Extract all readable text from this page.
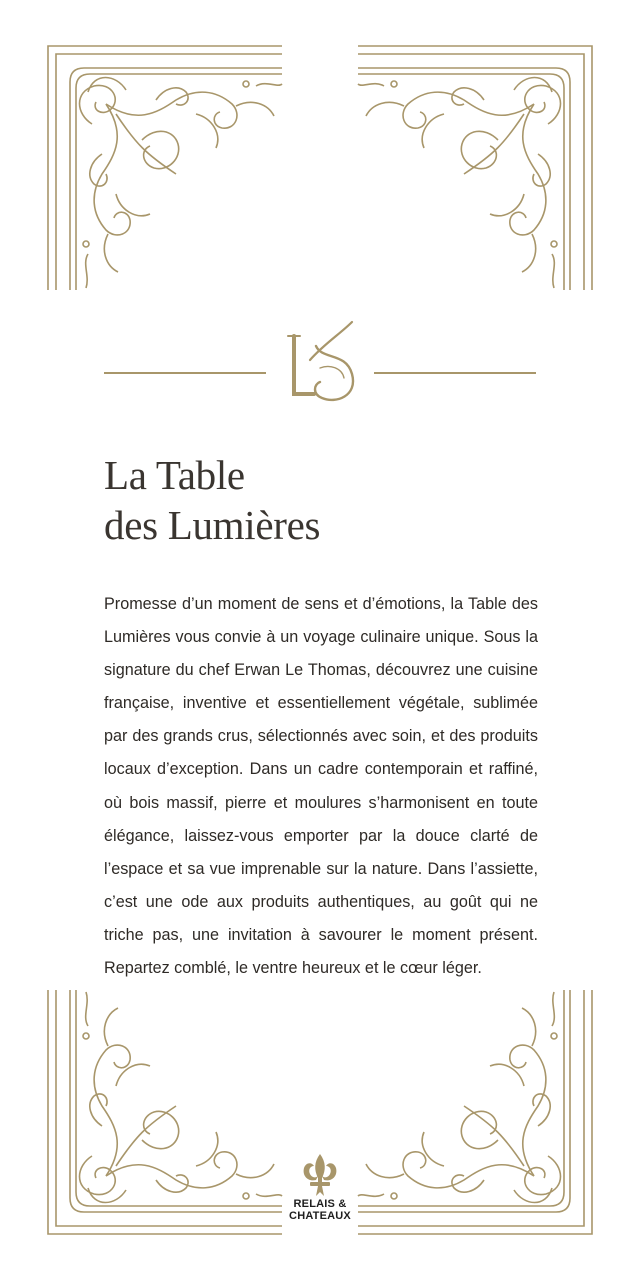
La Table
des Lumières

Promesse d’un moment de sens et d’émotions, la Table des Lumières vous convie à un voyage culinaire unique. Sous la signature du chef Erwan Le Thomas, découvrez une cuisine française, inventive et essentiellement végétale, sublimée par des grands crus, sélectionnés avec soin, et des produits locaux d’exception. Dans un cadre contemporain et raffiné, où bois massif, pierre et moulures s’harmonisent en toute élégance, laissez-vous emporter par la douce clarté de l’espace et sa vue imprenable sur la nature. Dans l’assiette, c’est une ode aux produits authentiques, au goût qui ne triche pas, une invitation à savourer le moment présent. Repartez comblé, le ventre heureux et le cœur léger.

RELAIS &
CHATEAUX
